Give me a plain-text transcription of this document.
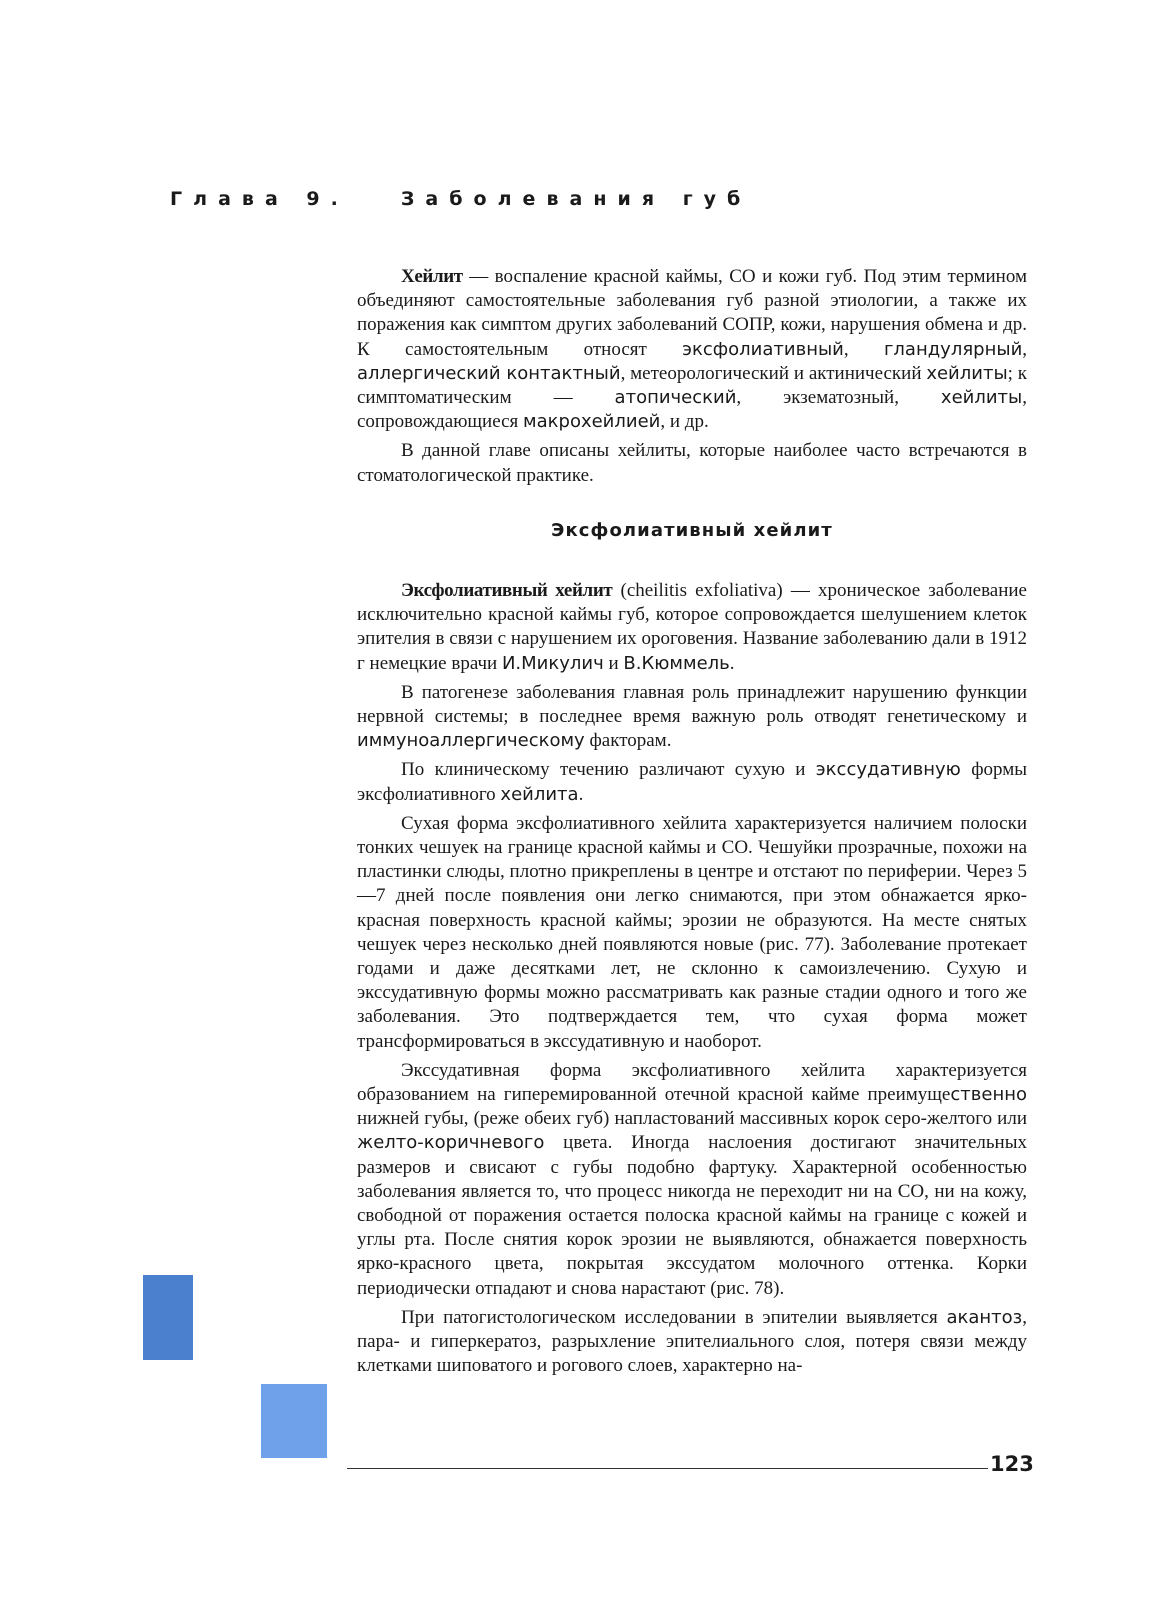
Глава 9.	Заболевания губ

Хейлит — воспаление красной каймы, СО и кожи губ. Под этим термином объединяют самостоятельные заболевания губ разной этиологии, а также их поражения как симптом других заболеваний СОПР, кожи, нарушения обмена и др. К самостоятельным относят эксфолиативный, гландулярный, аллергический контактный, метеорологический и актинический хейлиты; к симптоматическим — атопический, экзематозный, хейлиты, сопровождающиеся макрохейлией, и др.

В данной главе описаны хейлиты, которые наиболее часто встречаются в стоматологической практике.

Эксфолиативный хейлит

Эксфолиативный хейлит (cheilitis exfoliativa) — хроническое заболевание исключительно красной каймы губ, которое сопровождается шелушением клеток эпителия в связи с нарушением их ороговения. Название заболеванию дали в 1912 г немецкие врачи И.Микулич и В.Кюммель.

В патогенезе заболевания главная роль принадлежит нарушению функции нервной системы; в последнее время важную роль отводят генетическому и иммуноаллергическому факторам.

По клиническому течению различают сухую и экссудативную формы эксфолиативного хейлита.

Сухая форма эксфолиативного хейлита характеризуется наличием полоски тонких чешуек на границе красной каймы и СО. Чешуйки прозрачные, похожи на пластинки слюды, плотно прикреплены в центре и отстают по периферии. Через 5—7 дней после появления они легко снимаются, при этом обнажается ярко-красная поверхность красной каймы; эрозии не образуются. На месте снятых чешуек через несколько дней появляются новые (рис. 77). Заболевание протекает годами и даже десятками лет, не склонно к самоизлечению. Сухую и экссудативную формы можно рассматривать как разные стадии одного и того же заболевания. Это подтверждается тем, что сухая форма может трансформироваться в экссудативную и наоборот.

Экссудативная форма эксфолиативного хейлита характеризуется образованием на гиперемированной отечной красной кайме преимущественно нижней губы, (реже обеих губ) напластований массивных корок серо-желтого или желто-коричневого цвета. Иногда наслоения достигают значительных размеров и свисают с губы подобно фартуку. Характерной особенностью заболевания является то, что процесс никогда не переходит ни на СО, ни на кожу, свободной от поражения остается полоска красной каймы на границе с кожей и углы рта. После снятия корок эрозии не выявляются, обнажается поверхность ярко-красного цвета, покрытая экссудатом молочного оттенка. Корки периодически отпадают и снова нарастают (рис. 78).

При патогистологическом исследовании в эпителии выявляется акантоз, пара- и гиперкератоз, разрыхление эпителиального слоя, потеря связи между клетками шиповатого и рогового слоев, характерно на-

123
